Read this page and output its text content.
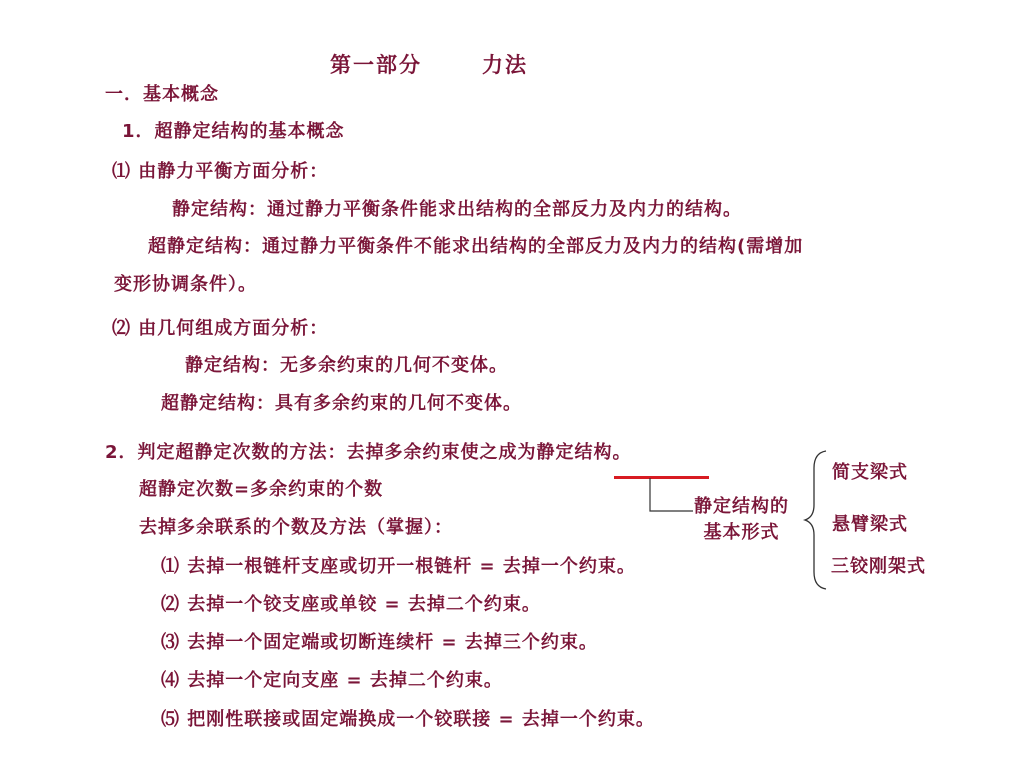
第一部分	力法
一．基本概念
1．超静定结构的基本概念
⑴ 由静力平衡方面分析：
静定结构：通过静力平衡条件能求出结构的全部反力及内力的结构。
超静定结构：通过静力平衡条件不能求出结构的全部反力及内力的结构(需增加
变形协调条件）。
⑵ 由几何组成方面分析：
静定结构：无多余约束的几何不变体。
超静定结构：具有多余约束的几何不变体。
2．判定超静定次数的方法：去掉多余约束使之成为静定结构。
超静定次数=多余约束的个数
去掉多余联系的个数及方法（掌握）：
⑴ 去掉一根链杆支座或切开一根链杆 = 去掉一个约束。
⑵ 去掉一个铰支座或单铰 = 去掉二个约束。
⑶ 去掉一个固定端或切断连续杆 = 去掉三个约束。
⑷ 去掉一个定向支座 = 去掉二个约束。
⑸ 把刚性联接或固定端换成一个铰联接 = 去掉一个约束。
静定结构的
基本形式
简支梁式
悬臂梁式
三铰刚架式
